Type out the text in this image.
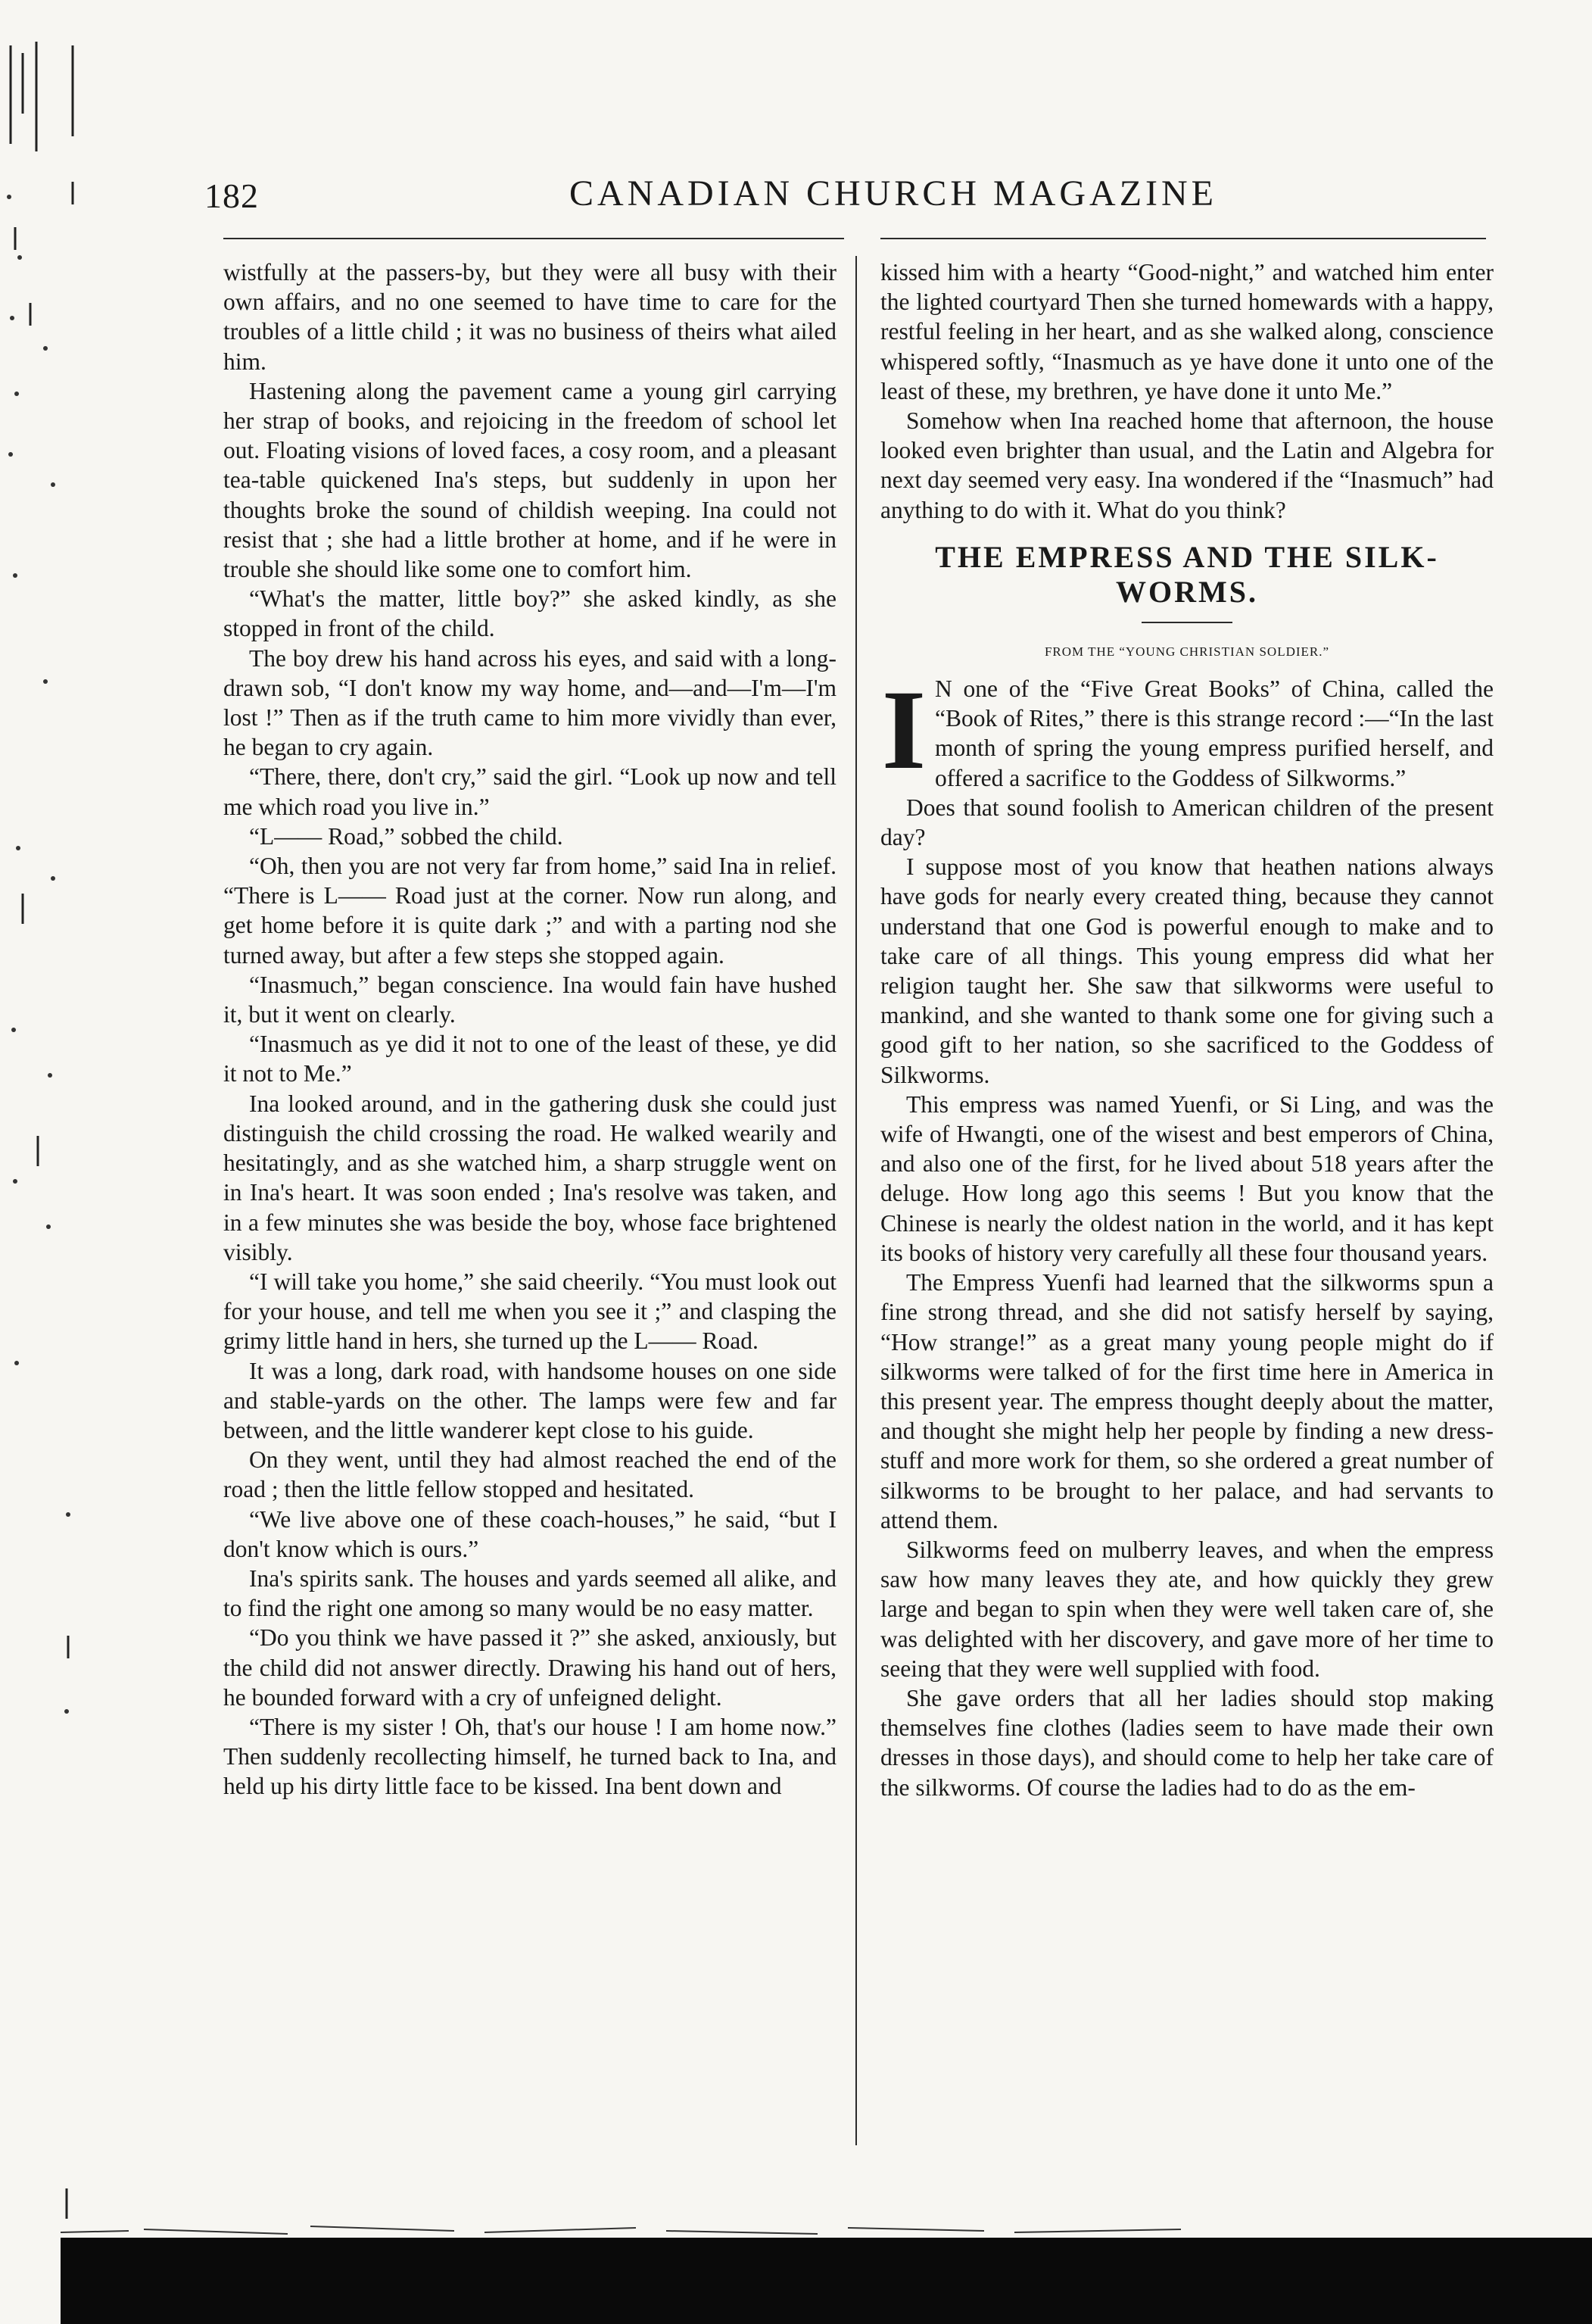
182	CANADIAN CHURCH MAGAZINE

wistfully at the passers-by, but they were all busy with their own affairs, and no one seemed to have time to care for the troubles of a little child ; it was no business of theirs what ailed him.

Hastening along the pavement came a young girl carrying her strap of books, and rejoicing in the freedom of school let out. Floating visions of loved faces, a cosy room, and a pleasant tea-table quickened Ina's steps, but suddenly in upon her thoughts broke the sound of childish weeping. Ina could not resist that ; she had a little brother at home, and if he were in trouble she should like some one to comfort him.

“What's the matter, little boy?” she asked kindly, as she stopped in front of the child.

The boy drew his hand across his eyes, and said with a long-drawn sob, “I don't know my way home, and—and—I'm—I'm lost !” Then as if the truth came to him more vividly than ever, he began to cry again.

“There, there, don't cry,” said the girl. “Look up now and tell me which road you live in.”

“L—— Road,” sobbed the child.

“Oh, then you are not very far from home,” said Ina in relief. “There is L—— Road just at the corner. Now run along, and get home before it is quite dark ;” and with a parting nod she turned away, but after a few steps she stopped again.

“Inasmuch,” began conscience. Ina would fain have hushed it, but it went on clearly.

“Inasmuch as ye did it not to one of the least of these, ye did it not to Me.”

Ina looked around, and in the gathering dusk she could just distinguish the child crossing the road. He walked wearily and hesitatingly, and as she watched him, a sharp struggle went on in Ina's heart. It was soon ended ; Ina's resolve was taken, and in a few minutes she was beside the boy, whose face brightened visibly.

“I will take you home,” she said cheerily. “You must look out for your house, and tell me when you see it ;” and clasping the grimy little hand in hers, she turned up the L—— Road.

It was a long, dark road, with handsome houses on one side and stable-yards on the other. The lamps were few and far between, and the little wanderer kept close to his guide.

On they went, until they had almost reached the end of the road ; then the little fellow stopped and hesitated.

“We live above one of these coach-houses,” he said, “but I don't know which is ours.”

Ina's spirits sank. The houses and yards seemed all alike, and to find the right one among so many would be no easy matter.

“Do you think we have passed it ?” she asked, anxiously, but the child did not answer directly. Drawing his hand out of hers, he bounded forward with a cry of unfeigned delight.

“There is my sister ! Oh, that's our house ! I am home now.” Then suddenly recollecting himself, he turned back to Ina, and held up his dirty little face to be kissed. Ina bent down and

kissed him with a hearty “Good-night,” and watched him enter the lighted courtyard Then she turned homewards with a happy, restful feeling in her heart, and as she walked along, conscience whispered softly, “Inasmuch as ye have done it unto one of the least of these, my brethren, ye have done it unto Me.”

Somehow when Ina reached home that afternoon, the house looked even brighter than usual, and the Latin and Algebra for next day seemed very easy. Ina wondered if the “Inasmuch” had anything to do with it. What do you think?

THE EMPRESS AND THE SILK-WORMS.
FROM THE “YOUNG CHRISTIAN SOLDIER.”

I N one of the “Five Great Books” of China, called the “Book of Rites,” there is this strange record :—“In the last month of spring the young empress purified herself, and offered a sacrifice to the Goddess of Silkworms.”

Does that sound foolish to American children of the present day?

I suppose most of you know that heathen nations always have gods for nearly every created thing, because they cannot understand that one God is powerful enough to make and to take care of all things. This young empress did what her religion taught her. She saw that silkworms were useful to mankind, and she wanted to thank some one for giving such a good gift to her nation, so she sacrificed to the Goddess of Silkworms.

This empress was named Yuenfi, or Si Ling, and was the wife of Hwangti, one of the wisest and best emperors of China, and also one of the first, for he lived about 518 years after the deluge. How long ago this seems ! But you know that the Chinese is nearly the oldest nation in the world, and it has kept its books of history very carefully all these four thousand years.

The Empress Yuenfi had learned that the silkworms spun a fine strong thread, and she did not satisfy herself by saying, “How strange!” as a great many young people might do if silkworms were talked of for the first time here in America in this present year. The empress thought deeply about the matter, and thought she might help her people by finding a new dress-stuff and more work for them, so she ordered a great number of silkworms to be brought to her palace, and had servants to attend them.

Silkworms feed on mulberry leaves, and when the empress saw how many leaves they ate, and how quickly they grew large and began to spin when they were well taken care of, she was delighted with her discovery, and gave more of her time to seeing that they were well supplied with food.

She gave orders that all her ladies should stop making themselves fine clothes (ladies seem to have made their own dresses in those days), and should come to help her take care of the silkworms. Of course the ladies had to do as the em-
